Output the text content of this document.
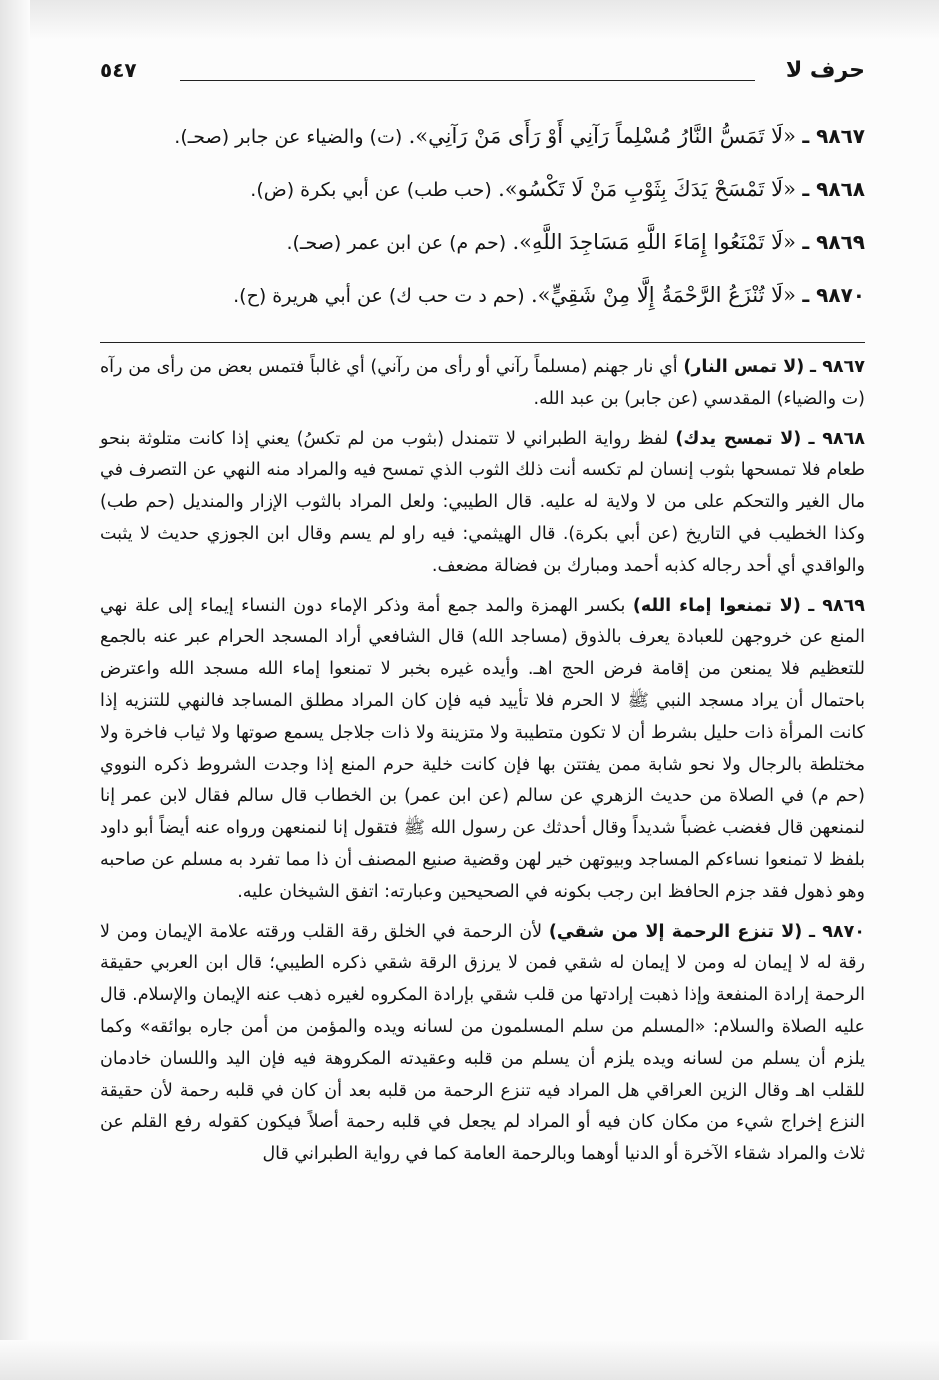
حرف لا
٥٤٧
٩٨٦٧ ـ «لَا تَمَسُّ النَّارُ مُسْلِماً رَآنِي أَوْ رَأَى مَنْ رَآنِي». (ت) والضياء عن جابر (صحـ).
٩٨٦٨ ـ «لَا تَمْسَحْ يَدَكَ بِثَوْبِ مَنْ لَا تَكْسُو». (حب طب) عن أبي بكرة (ض).
٩٨٦٩ ـ «لَا تَمْنَعُوا إِمَاءَ اللَّهِ مَسَاجِدَ اللَّهِ». (حم م) عن ابن عمر (صحـ).
٩٨٧٠ ـ «لَا تُنْزَعُ الرَّحْمَةُ إِلَّا مِنْ شَقِيٍّ». (حم د ت حب ك) عن أبي هريرة (ح).

٩٨٦٧ ـ (لا تمس النار) أي نار جهنم (مسلماً رآني أو رأى من رآني) أي غالباً فتمس بعض من رأى من رآه (ت والضياء) المقدسي (عن جابر) بن عبد الله.

٩٨٦٨ ـ (لا تمسح يدك) لفظ رواية الطبراني لا تتمندل (بثوب من لم تكسُ) يعني إذا كانت متلوثة بنحو طعام فلا تمسحها بثوب إنسان لم تكسه أنت ذلك الثوب الذي تمسح فيه والمراد منه النهي عن التصرف في مال الغير والتحكم على من لا ولاية له عليه. قال الطيبي: ولعل المراد بالثوب الإزار والمنديل (حم طب) وكذا الخطيب في التاريخ (عن أبي بكرة). قال الهيثمي: فيه راو لم يسم وقال ابن الجوزي حديث لا يثبت والواقدي أي أحد رجاله كذبه أحمد ومبارك بن فضالة مضعف.

٩٨٦٩ ـ (لا تمنعوا إماء الله) بكسر الهمزة والمد جمع أمة وذكر الإماء دون النساء إيماء إلى علة نهي المنع عن خروجهن للعبادة يعرف بالذوق (مساجد الله) قال الشافعي أراد المسجد الحرام عبر عنه بالجمع للتعظيم فلا يمنعن من إقامة فرض الحج اهـ. وأيده غيره بخبر لا تمنعوا إماء الله مسجد الله واعترض باحتمال أن يراد مسجد النبي ﷺ لا الحرم فلا تأييد فيه فإن كان المراد مطلق المساجد فالنهي للتنزيه إذا كانت المرأة ذات حليل بشرط أن لا تكون متطيبة ولا متزينة ولا ذات جلاجل يسمع صوتها ولا ثياب فاخرة ولا مختلطة بالرجال ولا نحو شابة ممن يفتتن بها فإن كانت خلية حرم المنع إذا وجدت الشروط ذكره النووي (حم م) في الصلاة من حديث الزهري عن سالم (عن ابن عمر) بن الخطاب قال سالم فقال لابن عمر إنا لنمنعهن قال فغضب غضباً شديداً وقال أحدثك عن رسول الله ﷺ فتقول إنا لنمنعهن ورواه عنه أيضاً أبو داود بلفظ لا تمنعوا نساءكم المساجد وبيوتهن خير لهن وقضية صنيع المصنف أن ذا مما تفرد به مسلم عن صاحبه وهو ذهول فقد جزم الحافظ ابن رجب بكونه في الصحيحين وعبارته: اتفق الشيخان عليه.

٩٨٧٠ ـ (لا تنزع الرحمة إلا من شقي) لأن الرحمة في الخلق رقة القلب ورقته علامة الإيمان ومن لا رقة له لا إيمان له ومن لا إيمان له شقي فمن لا يرزق الرقة شقي ذكره الطيبي؛ قال ابن العربي حقيقة الرحمة إرادة المنفعة وإذا ذهبت إرادتها من قلب شقي بإرادة المكروه لغيره ذهب عنه الإيمان والإسلام. قال عليه الصلاة والسلام: «المسلم من سلم المسلمون من لسانه ويده والمؤمن من أمن جاره بوائقه» وكما يلزم أن يسلم من لسانه ويده يلزم أن يسلم من قلبه وعقيدته المكروهة فيه فإن اليد واللسان خادمان للقلب اهـ وقال الزين العراقي هل المراد فيه تنزع الرحمة من قلبه بعد أن كان في قلبه رحمة لأن حقيقة النزع إخراج شيء من مكان كان فيه أو المراد لم يجعل في قلبه رحمة أصلاً فيكون كقوله رفع القلم عن ثلاث والمراد شقاء الآخرة أو الدنيا أوهما وبالرحمة العامة كما في رواية الطبراني قال
